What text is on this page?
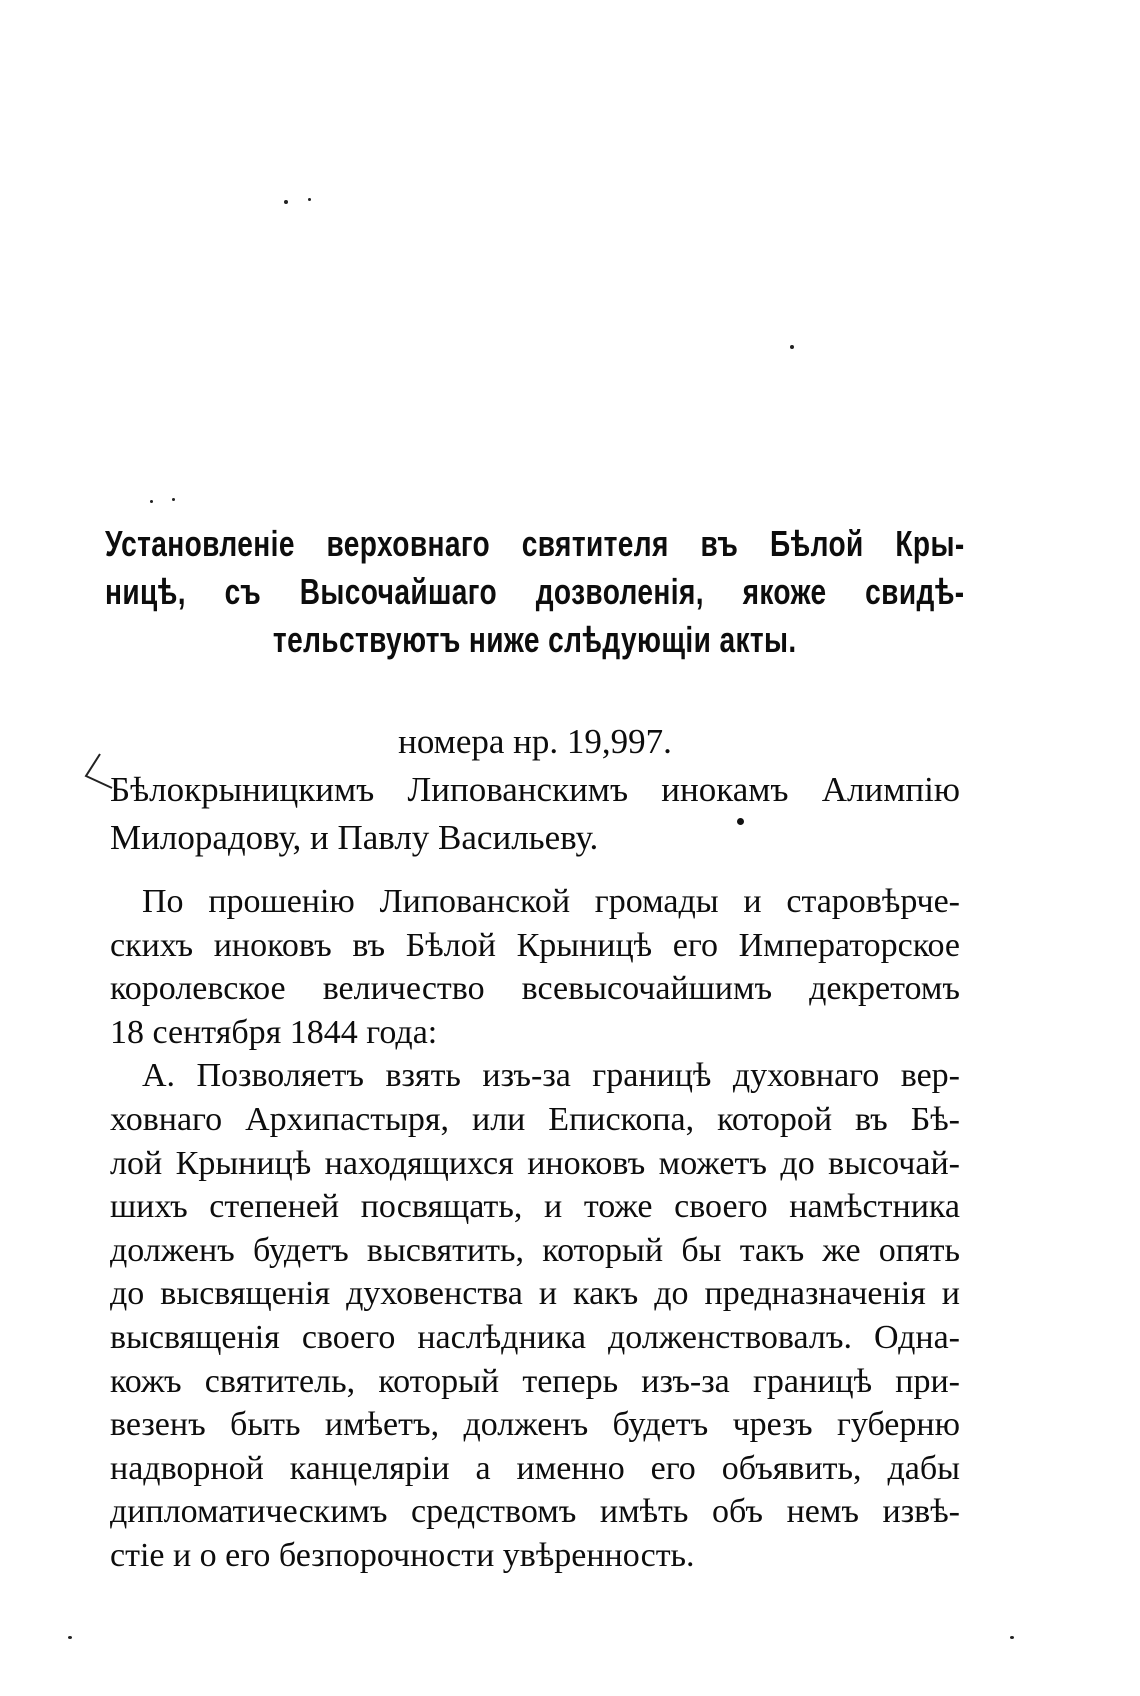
Установленіе верховнаго святителя въ Бѣлой Кры-
ницѣ, съ Высочайшаго дозволенія, якоже свидѣ-
тельствуютъ ниже слѣдующіи акты.
номера нр. 19,997.
Бѣлокрыницкимъ Липованскимъ инокамъ Алимпію
Милорадову, и Павлу Васильеву.
По прошенію Липованской громады и старовѣрче-
скихъ иноковъ въ Бѣлой Крыницѣ его Императорское
королевское величество всевысочайшимъ декретомъ
18 сентября 1844 года:
А. Позволяетъ взять изъ-за границѣ духовнаго вер-
ховнаго Архипастыря, или Епископа, которой въ Бѣ-
лой Крыницѣ находящихся иноковъ можетъ до высочай-
шихъ степеней посвящать, и тоже своего намѣстника
долженъ будетъ высвятить, который бы такъ же опять
до высвященія духовенства и какъ до предназначенія и
высвященія своего наслѣдника долженствовалъ. Одна-
кожъ святитель, который теперь изъ-за границѣ при-
везенъ быть имѣетъ, долженъ будетъ чрезъ губерню
надворной канцеляріи а именно его объявить, дабы
дипломатическимъ средствомъ имѣть объ немъ извѣ-
стіе и о его безпорочности увѣренность.
